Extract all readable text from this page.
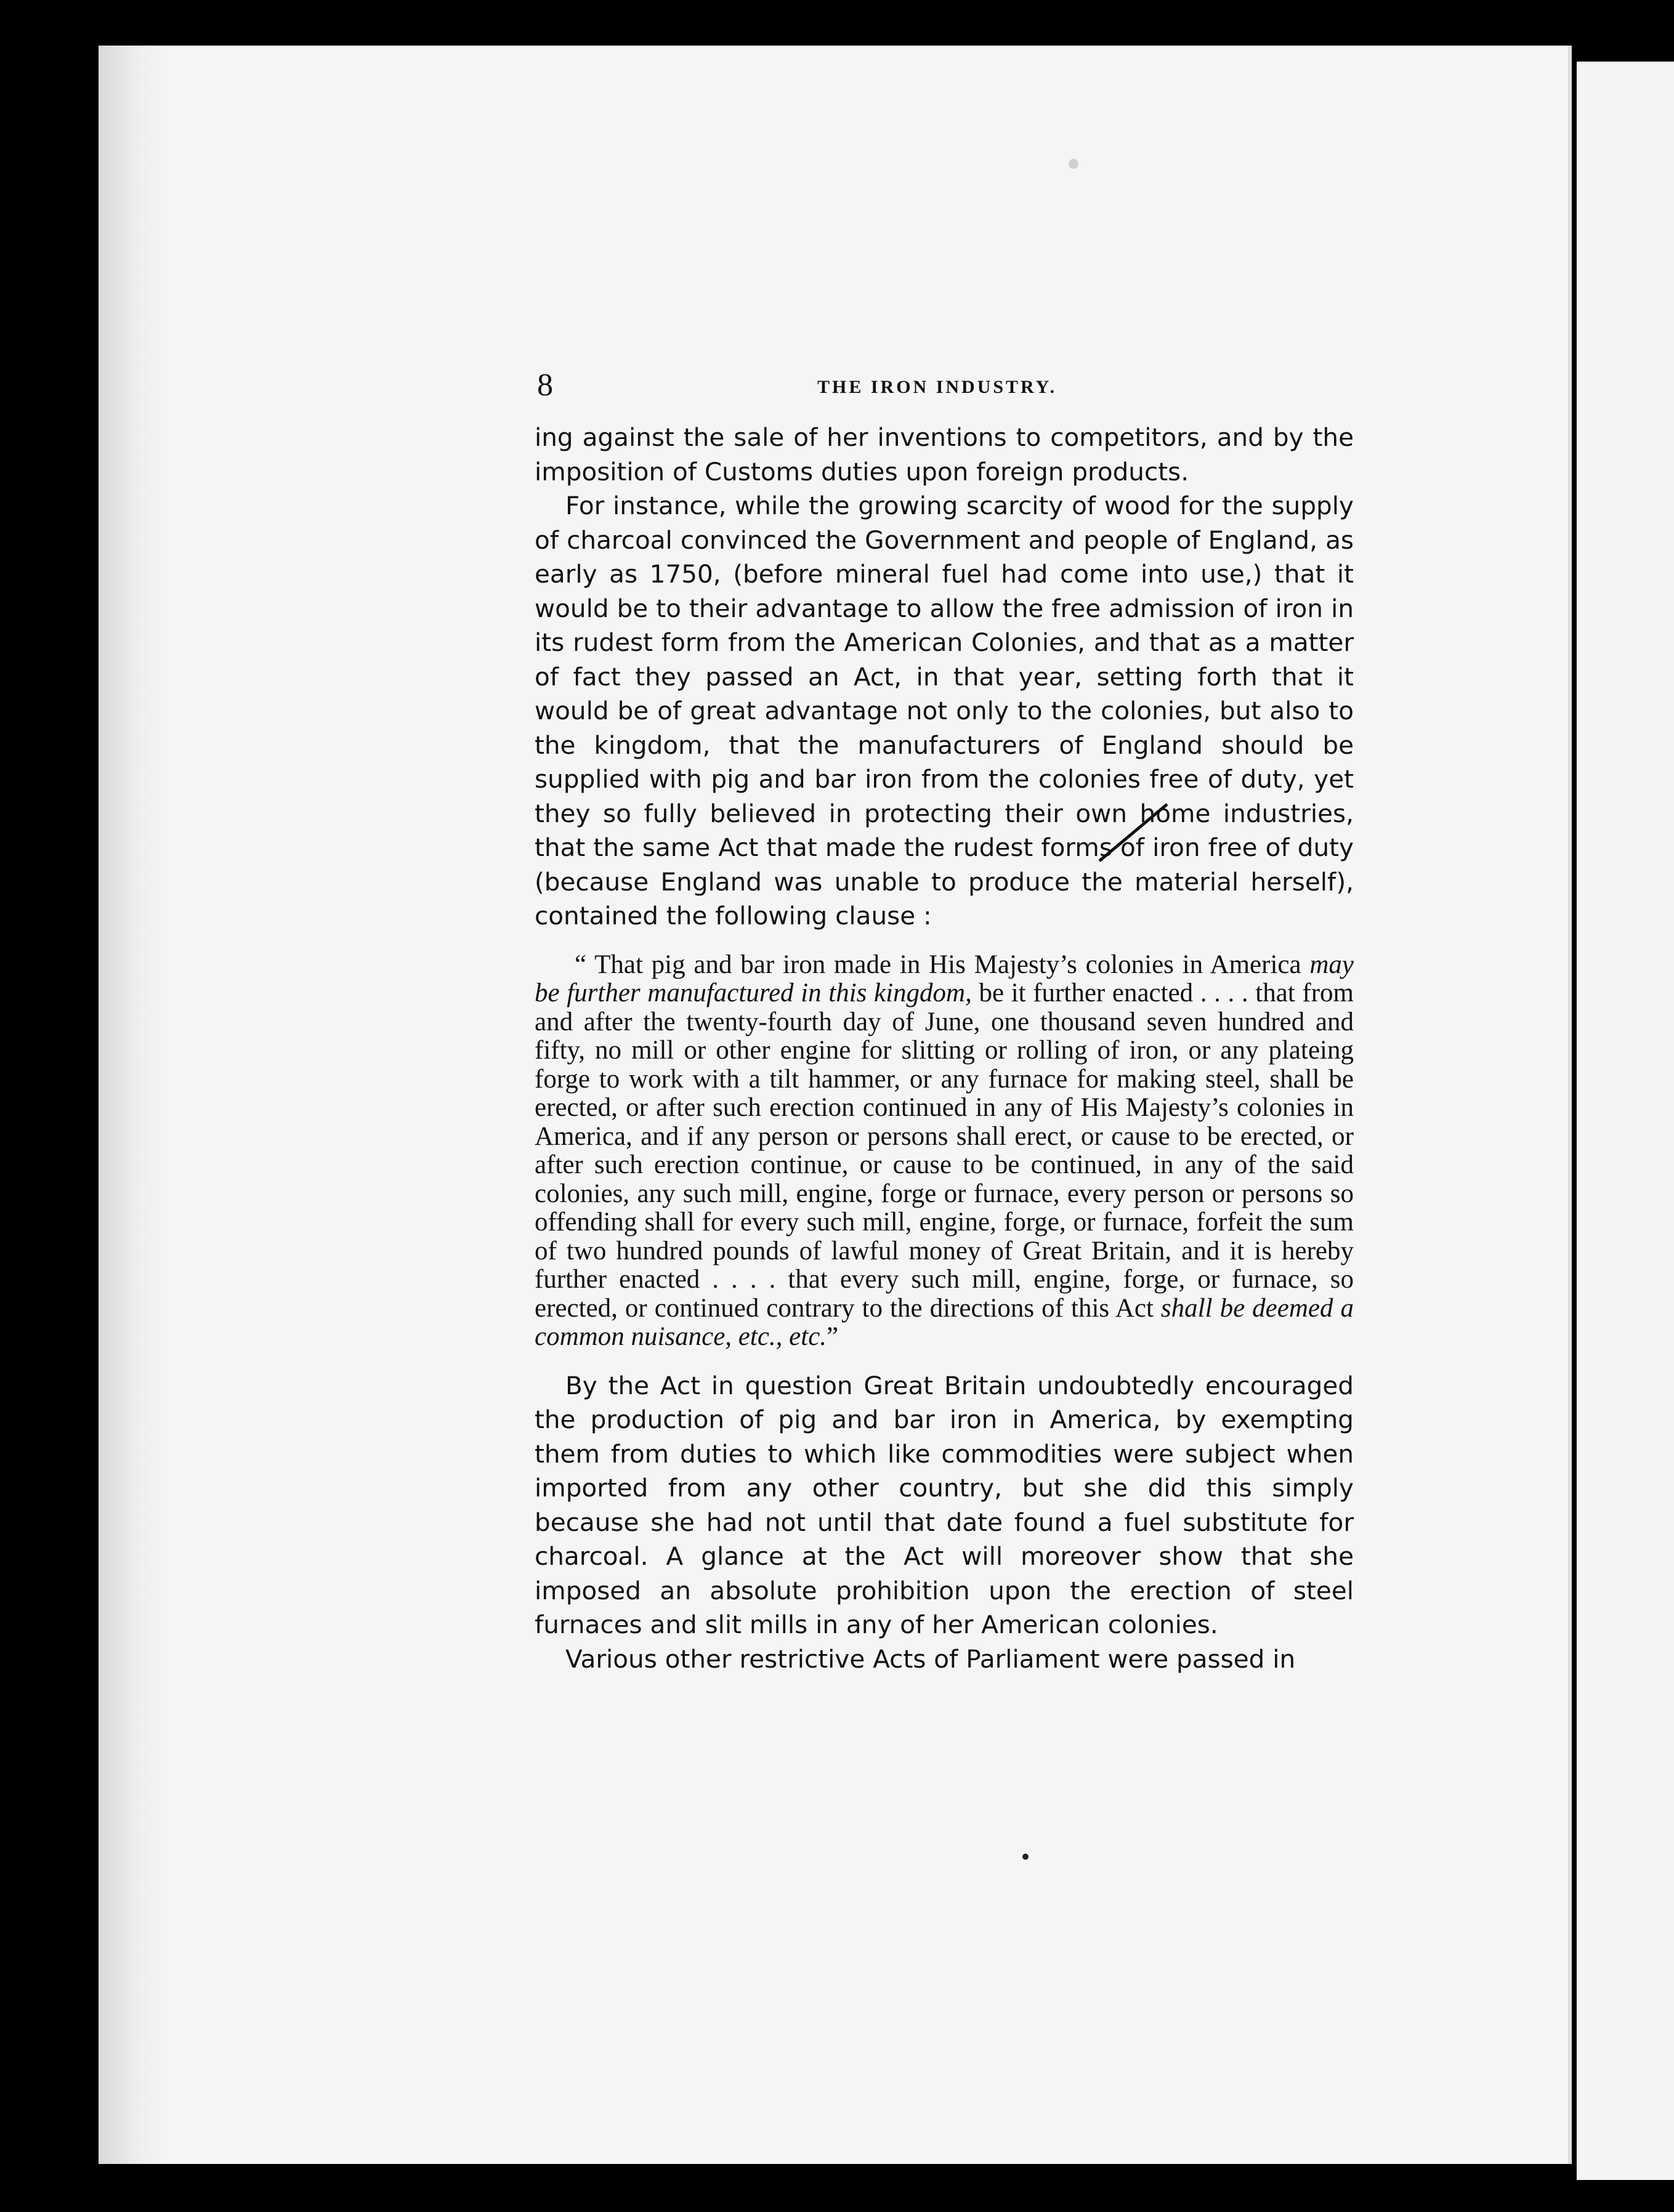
8	THE IRON INDUSTRY.

ing against the sale of her inventions to competitors, and by the imposition of Customs duties upon foreign products.

For instance, while the growing scarcity of wood for the supply of charcoal convinced the Government and people of England, as early as 1750, (before mineral fuel had come into use,) that it would be to their advantage to allow the free admission of iron in its rudest form from the American Colonies, and that as a matter of fact they passed an Act, in that year, setting forth that it would be of great advantage not only to the colonies, but also to the kingdom, that the manufacturers of England should be supplied with pig and bar iron from the colonies free of duty, yet they so fully believed in protecting their own home industries, that the same Act that made the rudest forms of iron free of duty (because England was unable to produce the material herself), contained the following clause :

“ That pig and bar iron made in His Majesty’s colonies in America may be further manufactured in this kingdom, be it further enacted . . . . that from and after the twenty-fourth day of June, one thousand seven hundred and fifty, no mill or other engine for slitting or rolling of iron, or any plateing forge to work with a tilt hammer, or any furnace for making steel, shall be erected, or after such erection continued in any of His Majesty’s colonies in America, and if any person or persons shall erect, or cause to be erected, or after such erection continue, or cause to be continued, in any of the said colonies, any such mill, engine, forge or furnace, every person or persons so offending shall for every such mill, engine, forge, or furnace, forfeit the sum of two hundred pounds of lawful money of Great Britain, and it is hereby further enacted . . . . that every such mill, engine, forge, or furnace, so erected, or continued contrary to the directions of this Act shall be deemed a common nuisance, etc., etc.”

By the Act in question Great Britain undoubtedly encouraged the production of pig and bar iron in America, by exempting them from duties to which like commodities were subject when imported from any other country, but she did this simply because she had not until that date found a fuel substitute for charcoal. A glance at the Act will moreover show that she imposed an absolute prohibition upon the erection of steel furnaces and slit mills in any of her American colonies.

Various other restrictive Acts of Parliament were passed in
